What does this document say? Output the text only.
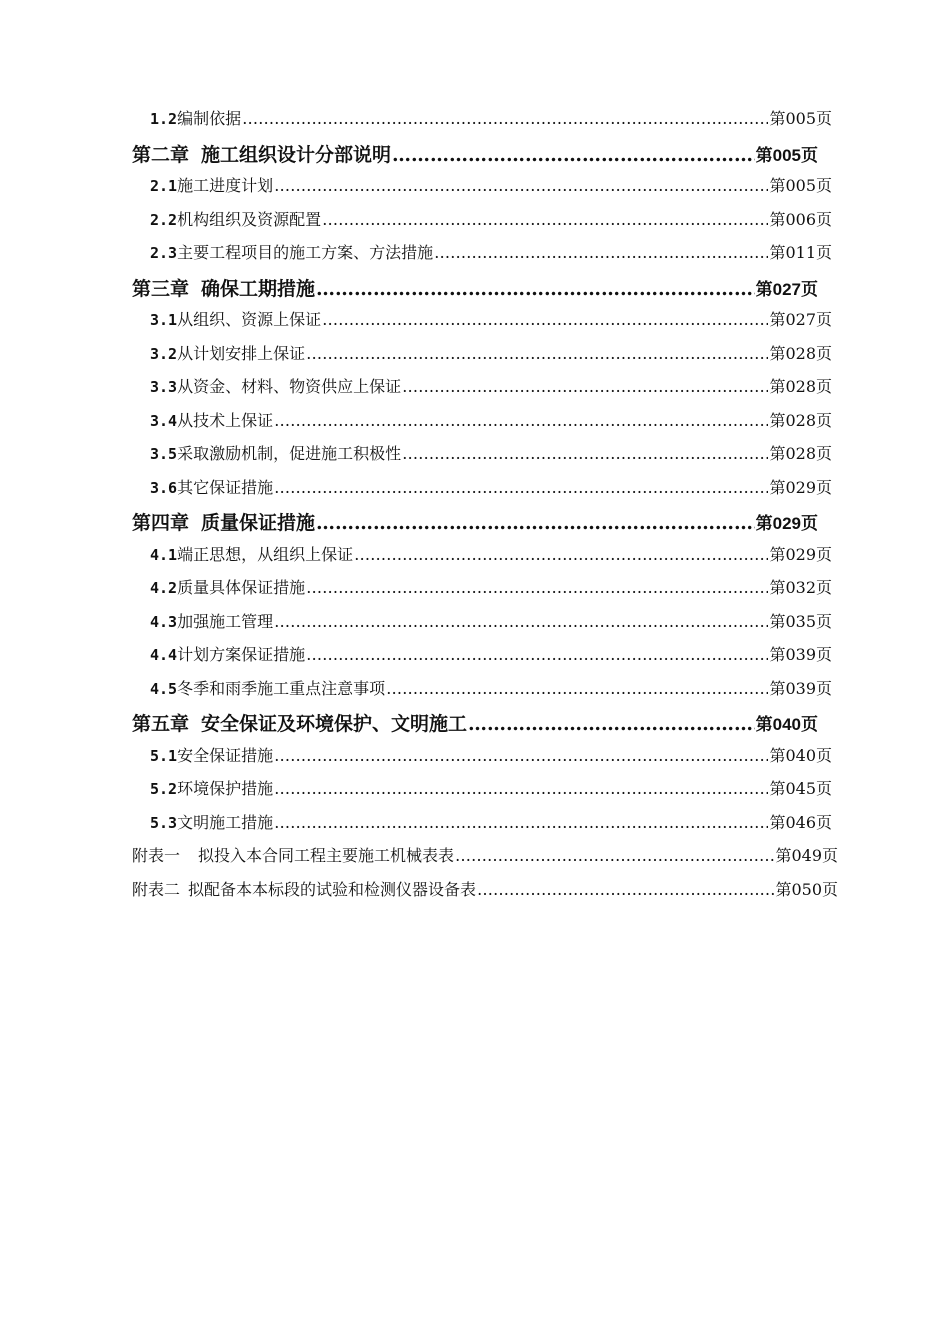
1.2 编制依据 ………………………………………………………………………………………………………………………………………………………………………………	第005页
第二章 施工组织设计分部说明 ………………………………………………………………………………………………………………………………………………………………………………	第005页
2.1 施工进度计划 ………………………………………………………………………………………………………………………………………………………………………………	第005页
2.2 机构组织及资源配置 ………………………………………………………………………………………………………………………………………………………………………………	第006页
2.3 主要工程项目的施工方案、方法措施 ………………………………………………………………………………………………………………………………………………………………………………	第011页
第三章 确保工期措施 ………………………………………………………………………………………………………………………………………………………………………………	第027页
3.1 从组织、资源上保证 ………………………………………………………………………………………………………………………………………………………………………………	第027页
3.2 从计划安排上保证 ………………………………………………………………………………………………………………………………………………………………………………	第028页
3.3 从资金、材料、物资供应上保证 ………………………………………………………………………………………………………………………………………………………………………………	第028页
3.4 从技术上保证 ………………………………………………………………………………………………………………………………………………………………………………	第028页
3.5 采取激励机制，促进施工积极性 ………………………………………………………………………………………………………………………………………………………………………………	第028页
3.6 其它保证措施 ………………………………………………………………………………………………………………………………………………………………………………	第029页
第四章 质量保证措施 ………………………………………………………………………………………………………………………………………………………………………………	第029页
4.1 端正思想，从组织上保证 ………………………………………………………………………………………………………………………………………………………………………………	第029页
4.2 质量具体保证措施 ………………………………………………………………………………………………………………………………………………………………………………	第032页
4.3 加强施工管理 ………………………………………………………………………………………………………………………………………………………………………………	第035页
4.4 计划方案保证措施 ………………………………………………………………………………………………………………………………………………………………………………	第039页
4.5 冬季和雨季施工重点注意事项 ………………………………………………………………………………………………………………………………………………………………………………	第039页
第五章 安全保证及环境保护、文明施工 ………………………………………………………………………………………………………………………………………………………………………………	第040页
5.1 安全保证措施 ………………………………………………………………………………………………………………………………………………………………………………	第040页
5.2 环境保护措施 ………………………………………………………………………………………………………………………………………………………………………………	第045页
5.3 文明施工措施 ………………………………………………………………………………………………………………………………………………………………………………	第046页
附表一 拟投入本合同工程主要施工机械表表 ………………………………………………………………………………………………………………………………………………………………………………	第049页
附表二 拟配备本本标段的试验和检测仪器设备表 ………………………………………………………………………………………………………………………………………………………………………………	…第050页
